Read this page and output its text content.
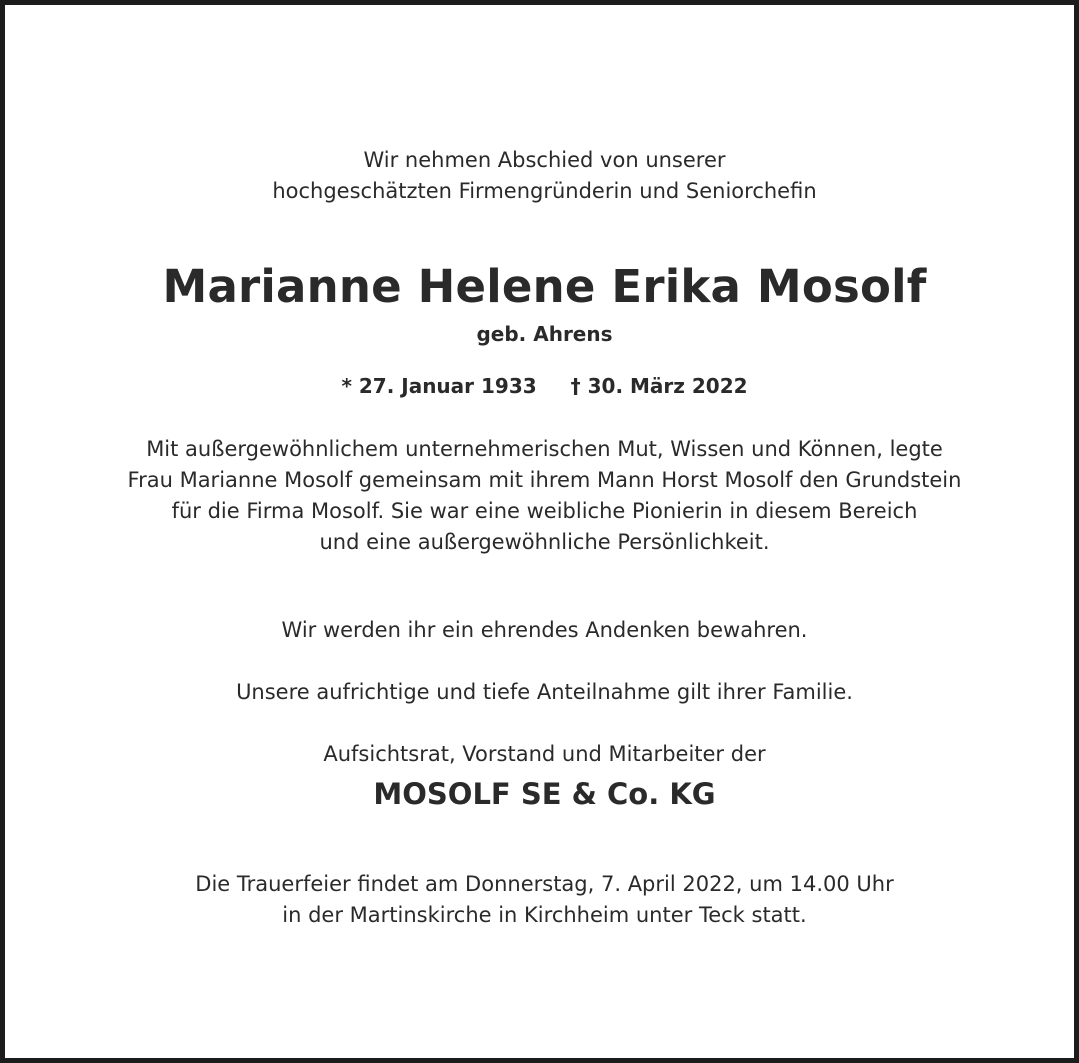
Wir nehmen Abschied von unserer

hochgeschätzten Firmengründerin und Seniorchefin

Marianne Helene Erika Mosolf

geb. Ahrens

* 27. Januar 1933 † 30. März 2022

Mit außergewöhnlichem unternehmerischen Mut, Wissen und Können, legte

Frau Marianne Mosolf gemeinsam mit ihrem Mann Horst Mosolf den Grundstein

für die Firma Mosolf. Sie war eine weibliche Pionierin in diesem Bereich

und eine außergewöhnliche Persönlichkeit.

Wir werden ihr ein ehrendes Andenken bewahren.

Unsere aufrichtige und tiefe Anteilnahme gilt ihrer Familie.

Aufsichtsrat, Vorstand und Mitarbeiter der

MOSOLF SE & Co. KG

Die Trauerfeier findet am Donnerstag, 7. April 2022, um 14.00 Uhr

in der Martinskirche in Kirchheim unter Teck statt.
